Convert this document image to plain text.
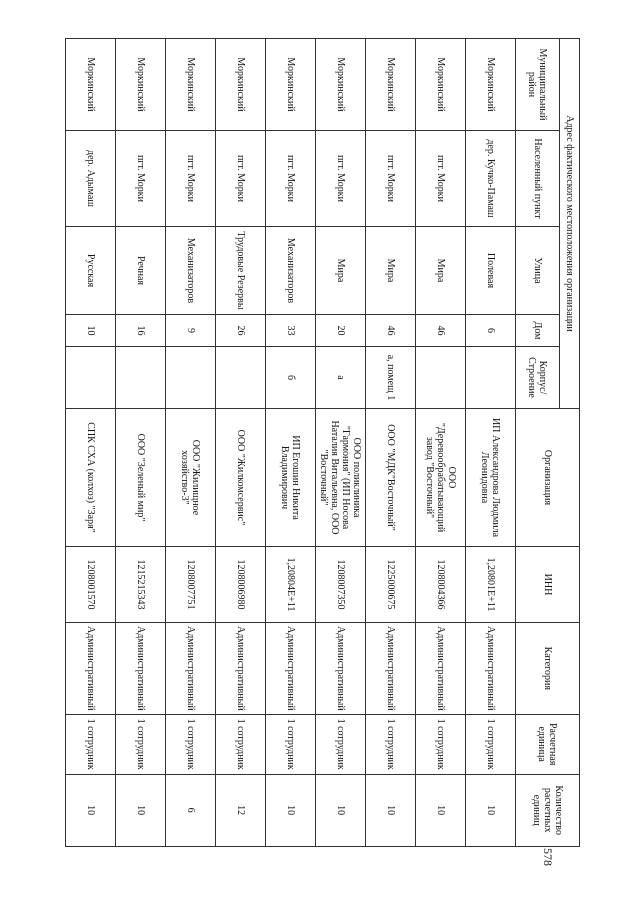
578
Адрес фактического местоположения организации					Организация	ИНН	Категория	Расчетная единица	Количество расчетных единиц
Муниципальный район	Населенный пункт	Улица	Дом	Корпус/ Строение					
Моркинский	дер. Кучко-Памаш	Полевая	6		ИП Александрова Людмила Леонидовна	1,20801E+11	Административный	1 сотрудник	10
Моркинский	пгт. Морки	Мира	46		ООО "Деревообрабатывающий завод "Восточный"	1208004366	Административный	1 сотрудник	10
Моркинский	пгт. Морки	Мира	46	а, помещ 1	ООО "МДК"Восточный"	1225000675	Административный	1 сотрудник	10
Моркинский	пгт. Морки	Мира	20	а	ООО поликлиника "Гармония" (ИП Носова Наталия Витальевна, ООО "Восточный"	1208007350	Административный	1 сотрудник	10
Моркинский	пгт. Морки	Механизаторов	33	б	ИП Егошин Никита Владимирович	1,20804E+11	Административный	1 сотрудник	10
Моркинский	пгт. Морки	Трудовые Резервы	26		ООО "Жилкомсервис"	1208006980	Административный	1 сотрудник	12
Моркинский	пгт. Морки	Механизаторов	9		ООО "Жилищное хозяйство-3"	1208007751	Административный	1 сотрудник	6
Моркинский	пгт. Морки	Речная	16		ООО "Зеленый мир"	1215215343	Административный	1 сотрудник	10
Моркинский	дер. Адымаш	Русская	10		СПК СХА (колхоз) "Заря"	1208001570	Административный	1 сотрудник	10
